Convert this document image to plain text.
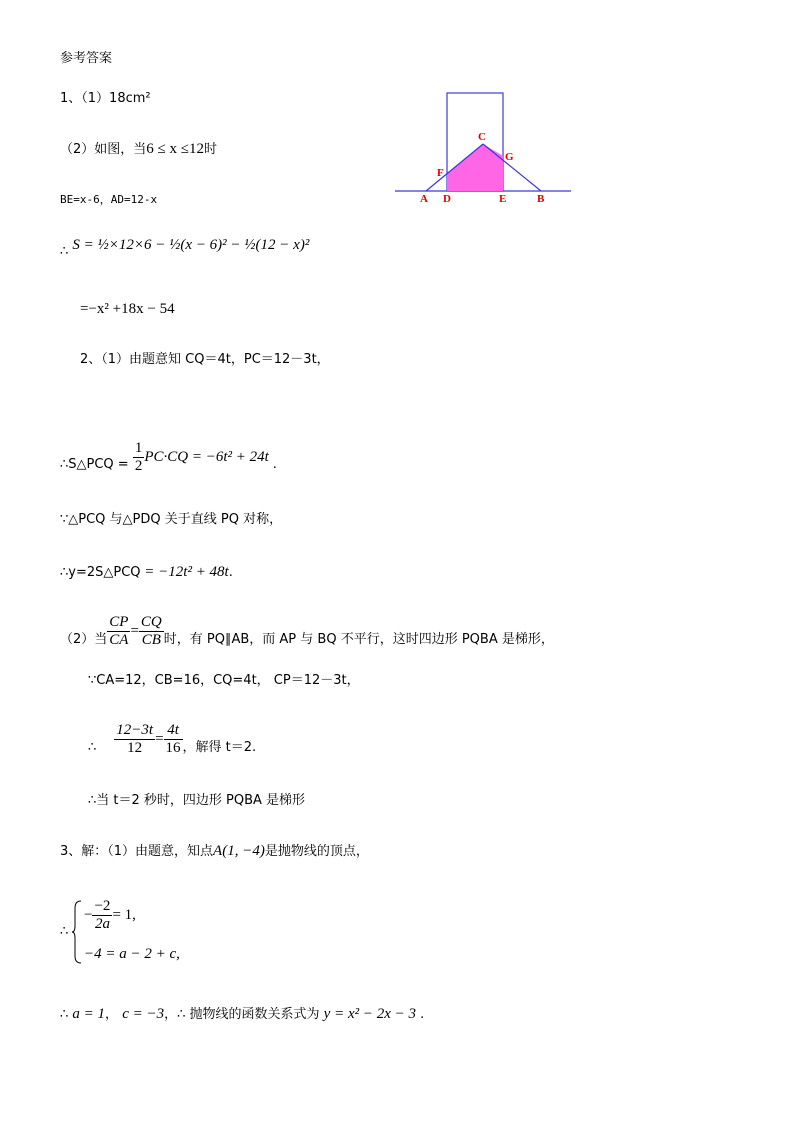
参考答案
1、（1）18cm²
（2）如图，当6 ≤ x ≤12时
BE=x-6，AD=12-x
∴ S = ½×12×6 − ½(x − 6)² − ½(12 − x)²
=−x² +18x − 54
C
F
G
A D	E	B
2、（1）由题意知 CQ＝4t，PC＝12－3t，
∴S△PCQ = $\frac{1}{2} PC\cdot CQ = -6t^2 + 24t$ .
∵△PCQ 与△PDQ 关于直线 PQ 对称，
∴y=2S△PCQ = −12t² + 48t.
（2）当 $\frac{CP}{CA} = \frac{CQ}{CB}$ 时，有 PQ∥AB，而 AP 与 BQ 不平行，这时四边形 PQBA 是梯形，
∵CA=12，CB=16，CQ=4t， CP＝12－3t，
∴ $\frac{12-3t}{12} = \frac{4t}{16}$ ，解得 t＝2.
∴当 t＝2 秒时，四边形 PQBA 是梯形
3、解：（1）由题意，知点A(1, −4)是抛物线的顶点，
∴
− $\frac{-2}{2a} = 1$,
−4 = a − 2 + c,
∴ a = 1， c = −3，∴ 抛物线的函数关系式为 y = x² − 2x − 3 .
